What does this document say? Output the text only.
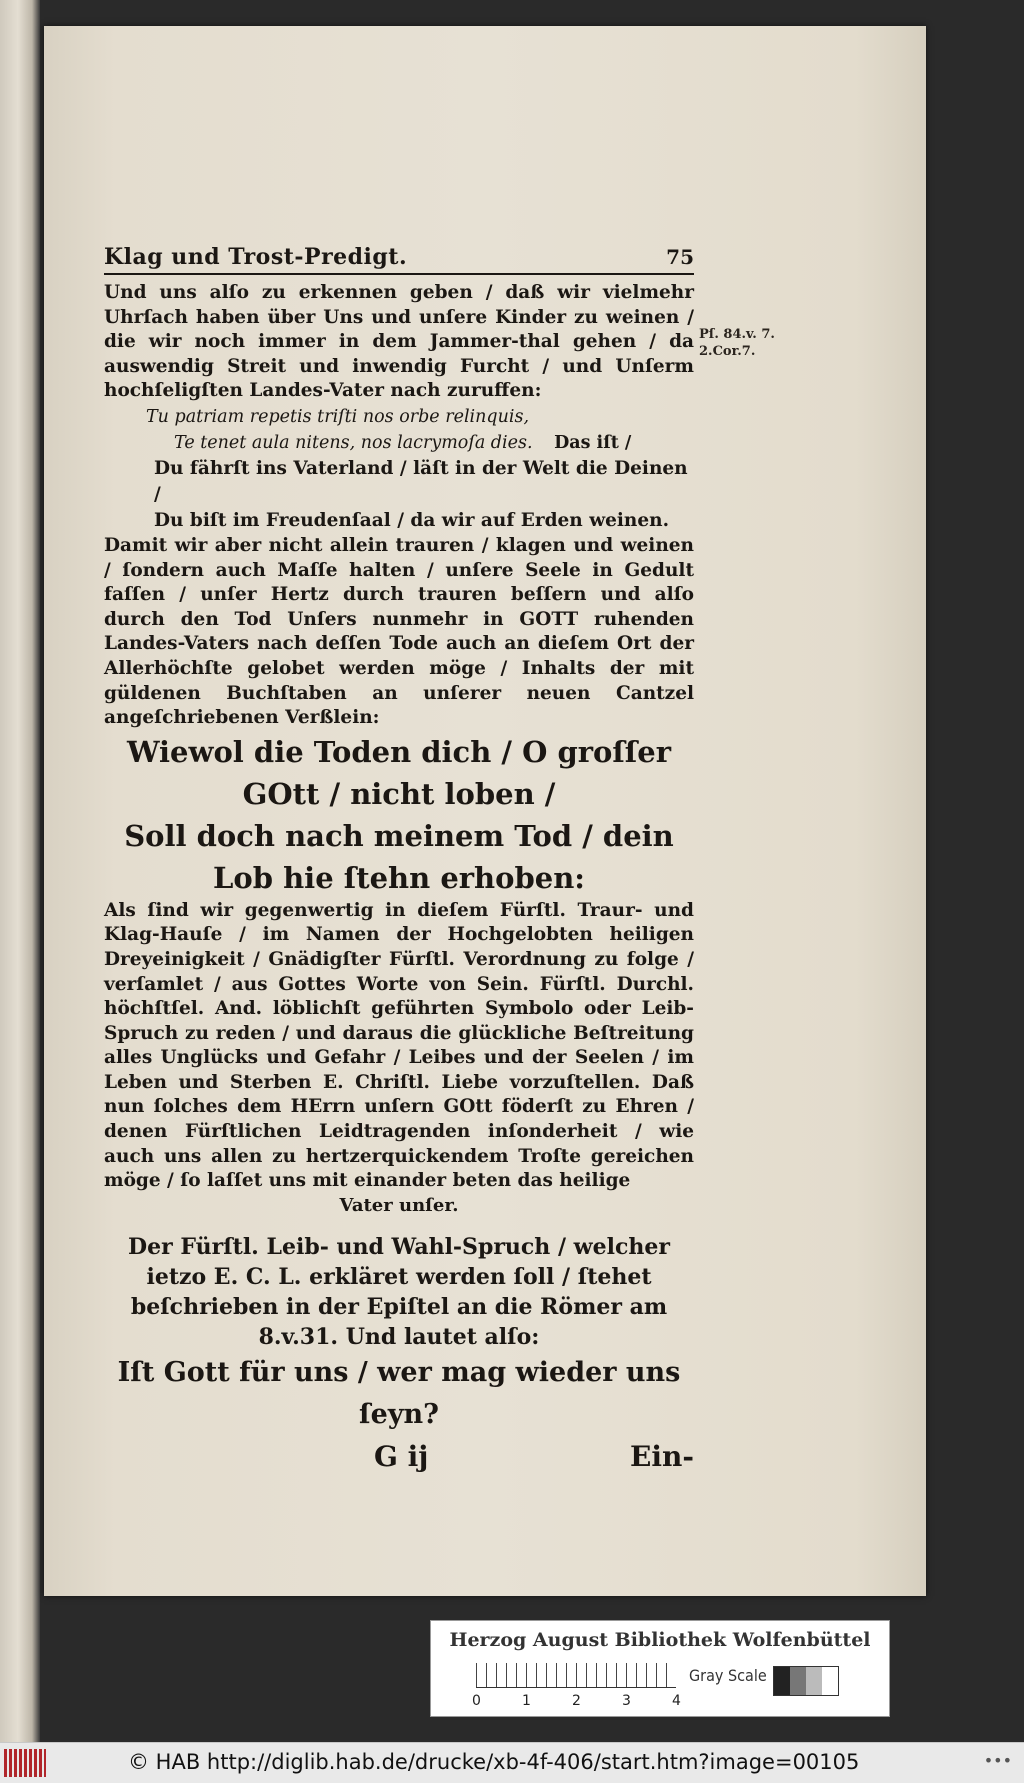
Klag und Trost-Predigt.	75

Und uns alſo zu erkennen geben / daß wir vielmehr Uhrſach haben über Uns und unſere Kinder zu weinen / die wir noch immer in dem Jammer-thal gehen / da auswendig Streit und inwendig Furcht / und Unſerm hochſeligſten Landes-Vater nach zuruffen:

Tu patriam repetis triſti nos orbe relinquis,

Te tenet aula nitens, nos lacrymoſa dies. Das iſt /

Du fährſt ins Vaterland / läſt in der Welt die Deinen /

Du biſt im Freudenſaal / da wir auf Erden weinen.

Damit wir aber nicht allein trauren / klagen und weinen / ſondern auch Maſſe halten / unſere Seele in Gedult faſſen / unſer Hertz durch trauren beſſern und alſo durch den Tod Unſers nunmehr in GOTT ruhenden Landes-Vaters nach deſſen Tode auch an dieſem Ort der Allerhöchſte gelobet werden möge / Inhalts der mit güldenen Buchſtaben an unſerer neuen Cantzel angeſchriebenen Verßlein:

Wiewol die Toden dich / O groſſer GOtt / nicht loben /

Soll doch nach meinem Tod / dein Lob hie ſtehn erhoben:

Als ſind wir gegenwertig in dieſem Fürſtl. Traur- und Klag-Hauſe / im Namen der Hochgelobten heiligen Dreyeinigkeit / Gnädigſter Fürſtl. Verordnung zu folge / verſamlet / aus Gottes Worte von Sein. Fürſtl. Durchl. höchſtſel. And. löblichſt geführten Symbolo oder Leib-Spruch zu reden / und daraus die glückliche Beſtreitung alles Unglücks und Gefahr / Leibes und der Seelen / im Leben und Sterben E. Chriſtl. Liebe vorzuſtellen. Daß nun ſolches dem HErrn unſern GOtt föderſt zu Ehren / denen Fürſtlichen Leidtragenden inſonderheit / wie auch uns allen zu hertzerquickendem Troſte gereichen möge / ſo laſſet uns mit einander beten das heilige

Vater unſer.

Der Fürſtl. Leib- und Wahl-Spruch / welcher ietzo E. C. L. erkläret werden ſoll / ſtehet beſchrieben in der Epiſtel an die Römer am 8.v.31. Und lautet alſo:

Iſt Gott für uns / wer mag wieder uns ſeyn?

G ij	Ein-
Pſ. 84.v. 7.
2.Cor.7.
Herzog August Bibliothek Wolfenbüttel
0	1	2	3	4
Gray Scale
© HAB http://diglib.hab.de/drucke/xb-4f-406/start.htm?image=00105	•••
